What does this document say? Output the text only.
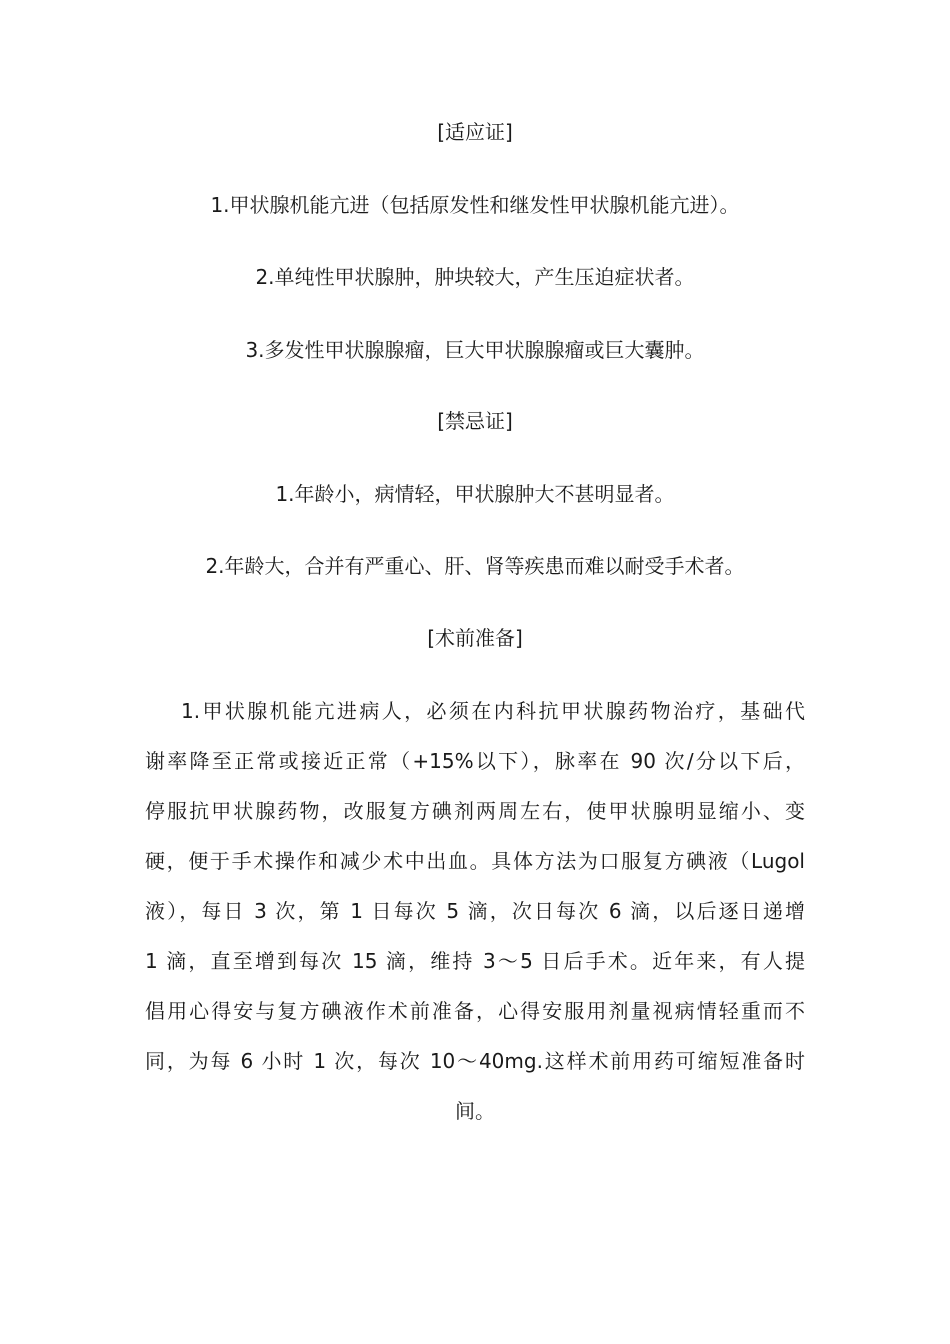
[适应证]
1.甲状腺机能亢进（包括原发性和继发性甲状腺机能亢进）。
2.单纯性甲状腺肿，肿块较大，产生压迫症状者。
3.多发性甲状腺腺瘤，巨大甲状腺腺瘤或巨大囊肿。
[禁忌证]
1.年龄小，病情轻，甲状腺肿大不甚明显者。
2.年龄大，合并有严重心、肝、肾等疾患而难以耐受手术者。
[术前准备]
1.甲状腺机能亢进病人，必须在内科抗甲状腺药物治疗，基础代
谢率降至正常或接近正常（+15%以下），脉率在 90 次/分以下后，
停服抗甲状腺药物，改服复方碘剂两周左右，使甲状腺明显缩小、变
硬，便于手术操作和减少术中出血。具体方法为口服复方碘液（Lugol
液），每日 3 次，第 1 日每次 5 滴，次日每次 6 滴，以后逐日递增
1 滴，直至增到每次 15 滴，维持 3～5 日后手术。近年来，有人提
倡用心得安与复方碘液作术前准备，心得安服用剂量视病情轻重而不
同，为每 6 小时 1 次，每次 10～40mg.这样术前用药可缩短准备时
间。
